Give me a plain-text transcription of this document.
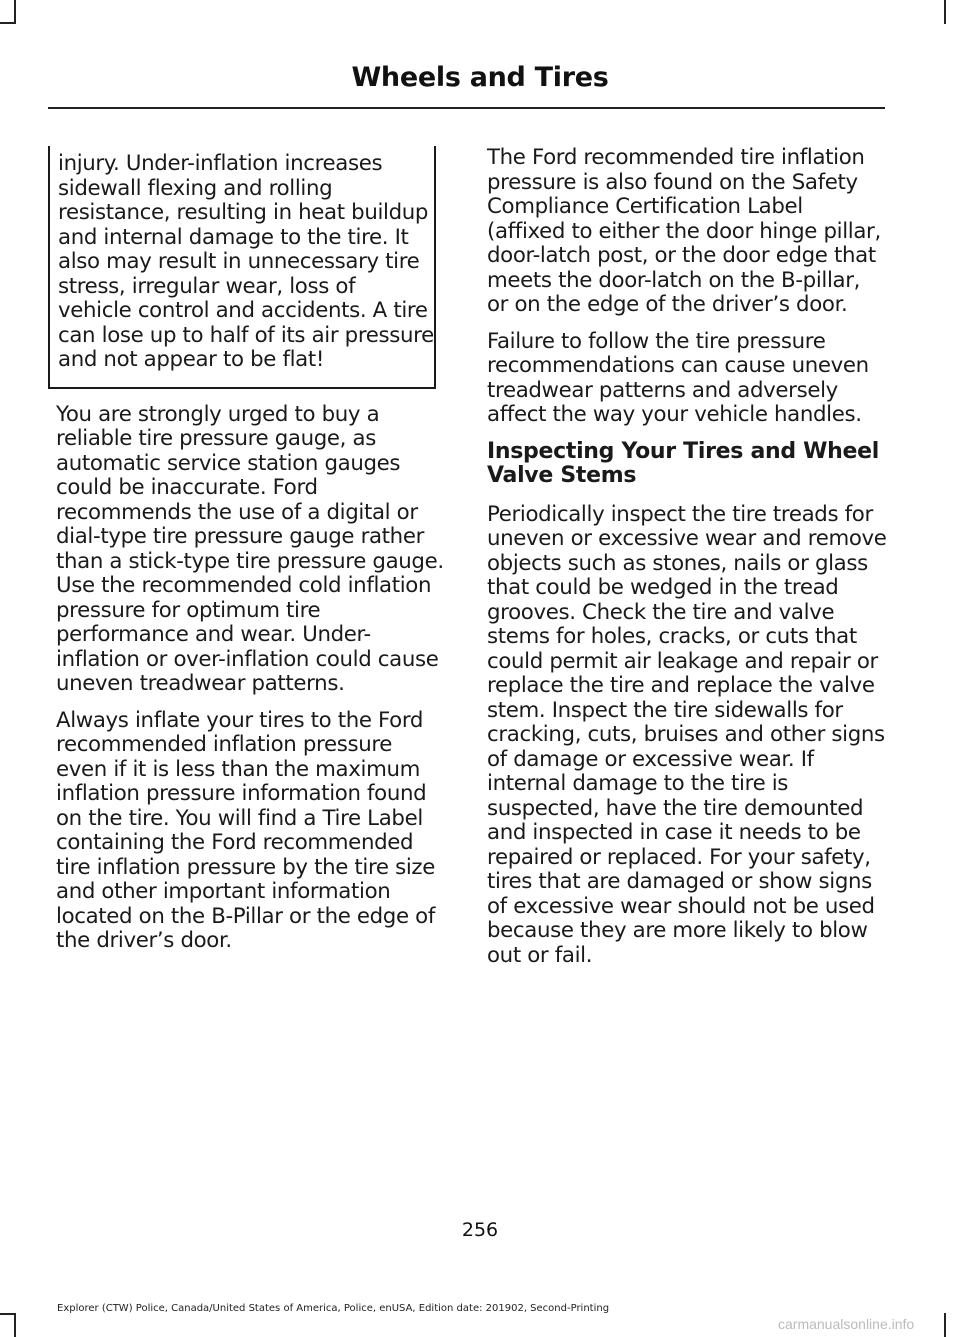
Wheels and Tires

injury. Under-inflation increases sidewall flexing and rolling resistance, resulting in heat buildup and internal damage to the tire. It also may result in unnecessary tire stress, irregular wear, loss of vehicle control and accidents. A tire can lose up to half of its air pressure and not appear to be flat!

You are strongly urged to buy a reliable tire pressure gauge, as automatic service station gauges could be inaccurate. Ford recommends the use of a digital or dial-type tire pressure gauge rather than a stick-type tire pressure gauge. Use the recommended cold inflation pressure for optimum tire performance and wear. Under-inflation or over-inflation could cause uneven treadwear patterns.

Always inflate your tires to the Ford recommended inflation pressure even if it is less than the maximum inflation pressure information found on the tire. You will find a Tire Label containing the Ford recommended tire inflation pressure by the tire size and other important information located on the B-Pillar or the edge of the driver’s door.

The Ford recommended tire inflation pressure is also found on the Safety Compliance Certification Label (affixed to either the door hinge pillar, door-latch post, or the door edge that meets the door-latch on the B-pillar, or on the edge of the driver’s door.

Failure to follow the tire pressure recommendations can cause uneven treadwear patterns and adversely affect the way your vehicle handles.

Inspecting Your Tires and Wheel Valve Stems

Periodically inspect the tire treads for uneven or excessive wear and remove objects such as stones, nails or glass that could be wedged in the tread grooves. Check the tire and valve stems for holes, cracks, or cuts that could permit air leakage and repair or replace the tire and replace the valve stem. Inspect the tire sidewalls for cracking, cuts, bruises and other signs of damage or excessive wear. If internal damage to the tire is suspected, have the tire demounted and inspected in case it needs to be repaired or replaced. For your safety, tires that are damaged or show signs of excessive wear should not be used because they are more likely to blow out or fail.

256
Explorer (CTW) Police, Canada/United States of America, Police, enUSA, Edition date: 201902, Second-Printing
carmanualsonline.info
